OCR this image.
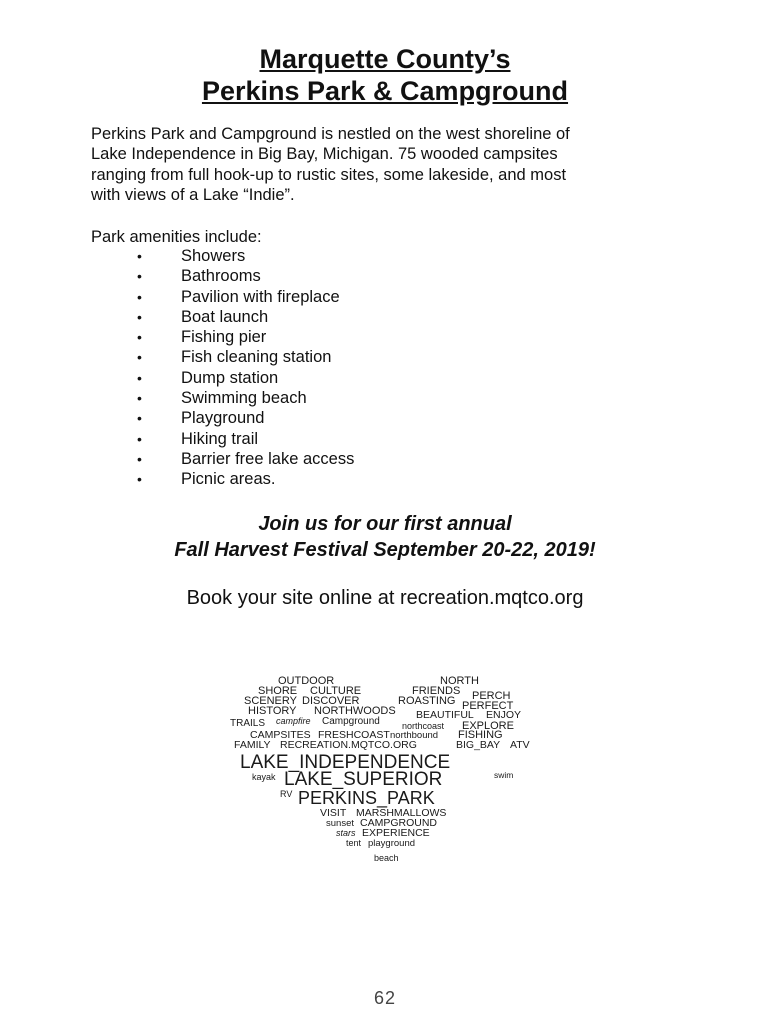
Marquette County’s
Perkins Park & Campground
Perkins Park and Campground is nestled on the west shoreline of
Lake Independence in Big Bay, Michigan. 75 wooded campsites
ranging from full hook-up to rustic sites, some lakeside, and most
with views of a Lake “Indie”.
Park amenities include:
• Showers
• Bathrooms
• Pavilion with fireplace
• Boat launch
• Fishing pier
• Fish cleaning station
• Dump station
• Swimming beach
• Playground
• Hiking trail
• Barrier free lake access
• Picnic areas.
Join us for our first annual
Fall Harvest Festival September 20-22, 2019!
Book your site online at recreation.mqtco.org
OUTDOOR	NORTH
SHORE CULTURE	FRIENDS PERCH
SCENERY DISCOVER	ROASTING PERFECT
HISTORY NORTHWOODS BEAUTIFUL ENJOY
TRAILS campfire Campground northcoast EXPLORE
CAMPSITES FRESHCOAST northbound FISHING
FAMILY RECREATION.MQTCO.ORG	BIG_BAY ATV
LAKE_INDEPENDENCE
kayak LAKE_SUPERIOR	swim
RV PERKINS_PARK
VISIT MARSHMALLOWS
sunset CAMPGROUND
stars EXPERIENCE
tent playground
beach
62
